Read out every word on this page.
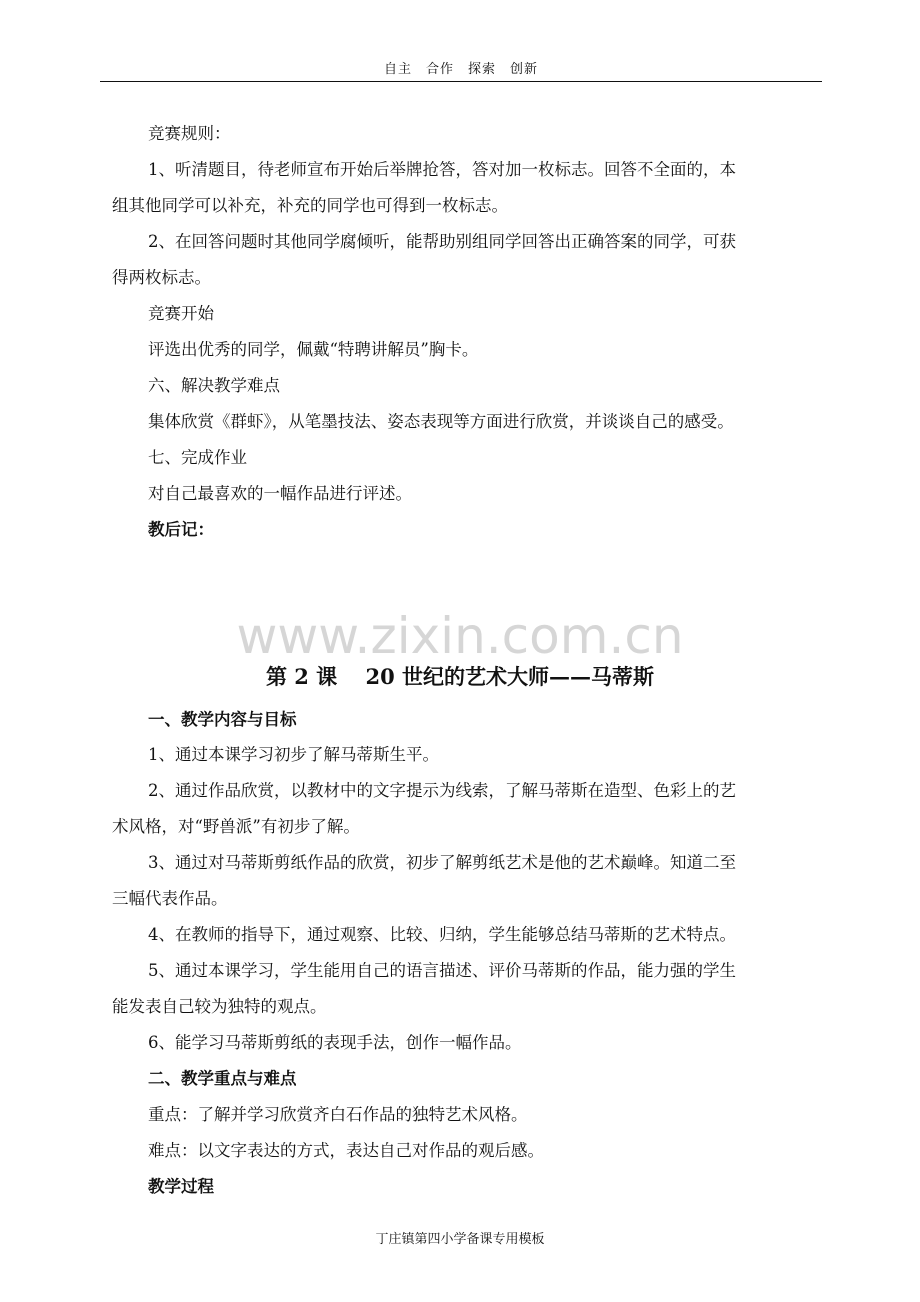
自主　合作　探索　创新
竞赛规则：
1、听清题目，待老师宣布开始后举牌抢答，答对加一枚标志。回答不全面的，本
组其他同学可以补充，补充的同学也可得到一枚标志。
2、在回答问题时其他同学腐倾听，能帮助别组同学回答出正确答案的同学，可获
得两枚标志。
竞赛开始
评选出优秀的同学，佩戴“特聘讲解员”胸卡。
六、解决教学难点
集体欣赏《群虾》，从笔墨技法、姿态表现等方面进行欣赏，并谈谈自己的感受。
七、完成作业
对自己最喜欢的一幅作品进行评述。
教后记：
www.zixin.com.cn
第 2 课　 20 世纪的艺术大师——马蒂斯
一、教学内容与目标
1、通过本课学习初步了解马蒂斯生平。
2、通过作品欣赏，以教材中的文字提示为线索，了解马蒂斯在造型、色彩上的艺
术风格，对“野兽派”有初步了解。
3、通过对马蒂斯剪纸作品的欣赏，初步了解剪纸艺术是他的艺术巅峰。知道二至
三幅代表作品。
4、在教师的指导下，通过观察、比较、归纳，学生能够总结马蒂斯的艺术特点。
5、通过本课学习，学生能用自己的语言描述、评价马蒂斯的作品，能力强的学生
能发表自己较为独特的观点。
6、能学习马蒂斯剪纸的表现手法，创作一幅作品。
二、教学重点与难点
重点：了解并学习欣赏齐白石作品的独特艺术风格。
难点：以文字表达的方式，表达自己对作品的观后感。
教学过程
丁庄镇第四小学备课专用模板
